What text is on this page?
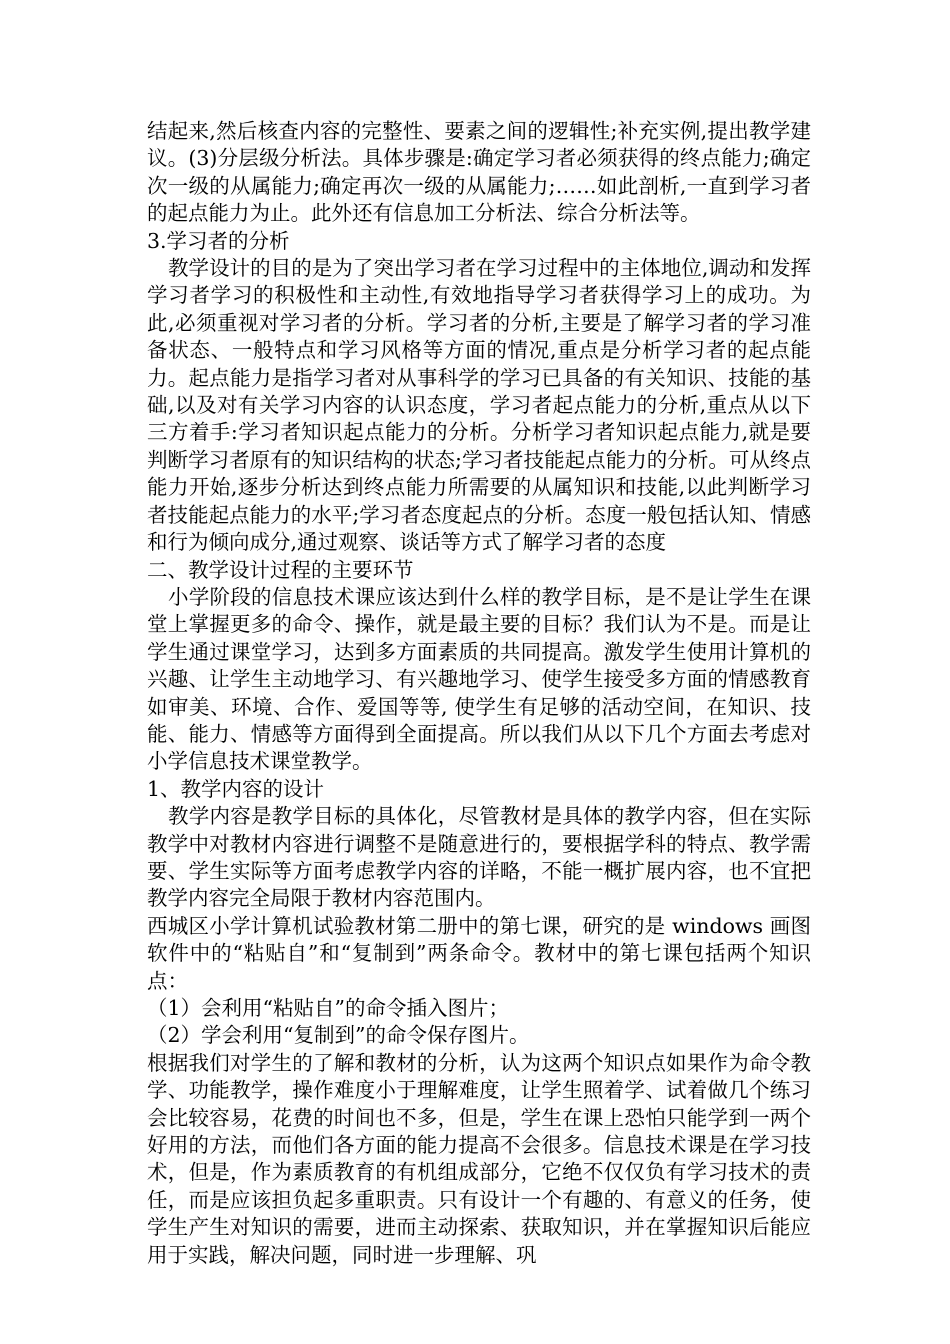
结起来,然后核查内容的完整性、要素之间的逻辑性;补充实例,提出教学建议。(3)分层级分析法。具体步骤是:确定学习者必须获得的终点能力;确定次一级的从属能力;确定再次一级的从属能力;……如此剖析,一直到学习者的起点能力为止。此外还有信息加工分析法、综合分析法等。

3.学习者的分析

教学设计的目的是为了突出学习者在学习过程中的主体地位,调动和发挥学习者学习的积极性和主动性,有效地指导学习者获得学习上的成功。为此,必须重视对学习者的分析。学习者的分析,主要是了解学习者的学习准备状态、一般特点和学习风格等方面的情况,重点是分析学习者的起点能力。起点能力是指学习者对从事科学的学习已具备的有关知识、技能的基础,以及对有关学习内容的认识态度，学习者起点能力的分析,重点从以下三方着手:学习者知识起点能力的分析。分析学习者知识起点能力,就是要判断学习者原有的知识结构的状态;学习者技能起点能力的分析。可从终点能力开始,逐步分析达到终点能力所需要的从属知识和技能,以此判断学习者技能起点能力的水平;学习者态度起点的分析。态度一般包括认知、情感和行为倾向成分,通过观察、谈话等方式了解学习者的态度

二、教学设计过程的主要环节

小学阶段的信息技术课应该达到什么样的教学目标，是不是让学生在课堂上掌握更多的命令、操作，就是最主要的目标？我们认为不是。而是让学生通过课堂学习，达到多方面素质的共同提高。激发学生使用计算机的兴趣、让学生主动地学习、有兴趣地学习、使学生接受多方面的情感教育如审美、环境、合作、爱国等等, 使学生有足够的活动空间，在知识、技能、能力、情感等方面得到全面提高。所以我们从以下几个方面去考虑对小学信息技术课堂教学。

1、教学内容的设计

教学内容是教学目标的具体化，尽管教材是具体的教学内容，但在实际教学中对教材内容进行调整不是随意进行的，要根据学科的特点、教学需要、学生实际等方面考虑教学内容的详略，不能一概扩展内容，也不宜把教学内容完全局限于教材内容范围内。

西城区小学计算机试验教材第二册中的第七课，研究的是 windows 画图软件中的“粘贴自”和“复制到”两条命令。教材中的第七课包括两个知识点：

（1）会利用“粘贴自”的命令插入图片；

（2）学会利用“复制到”的命令保存图片。

根据我们对学生的了解和教材的分析，认为这两个知识点如果作为命令教学、功能教学，操作难度小于理解难度，让学生照着学、试着做几个练习会比较容易，花费的时间也不多，但是，学生在课上恐怕只能学到一两个好用的方法，而他们各方面的能力提高不会很多。信息技术课是在学习技术，但是，作为素质教育的有机组成部分，它绝不仅仅负有学习技术的责任，而是应该担负起多重职责。只有设计一个有趣的、有意义的任务，使学生产生对知识的需要，进而主动探索、获取知识，并在掌握知识后能应用于实践，解决问题，同时进一步理解、巩
